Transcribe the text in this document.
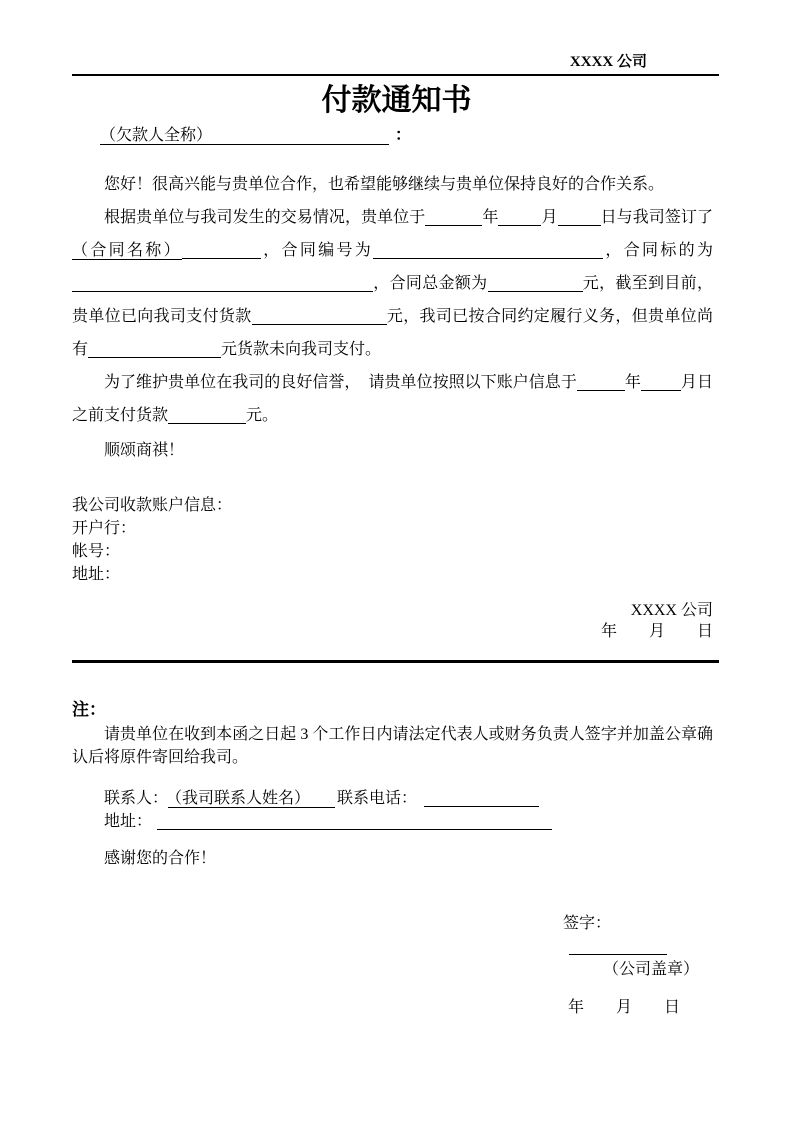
XXXX 公司
付款通知书
（欠款人全称）	：

您好！很高兴能与贵单位合作，也希望能够继续与贵单位保持良好的合作关系。

根据贵单位与我司发生的交易情况，贵单位于	年	月	日与我司签订了（合同名称）	，合同编号为	，合同标的为，合同总金额为	元，截至到目前，贵单位已向我司支付货款	元，我司已按合同约定履行义务，但贵单位尚有	元货款未向我司支付。

为了维护贵单位在我司的良好信誉，　请贵单位按照以下账户信息于	年	月日之前支付货款	元。

顺颂商祺！
我公司收款账户信息：
开户行：
帐号：
地址：
XXXX 公司
年　　月　　日
注：

请贵单位在收到本函之日起 3 个工作日内请法定代表人或财务负责人签字并加盖公章确认后将原件寄回给我司。

联系人： （我司联系人姓名） 联系电话：
地址：
感谢您的合作！
签字：
（公司盖章）
年　　月　　日
